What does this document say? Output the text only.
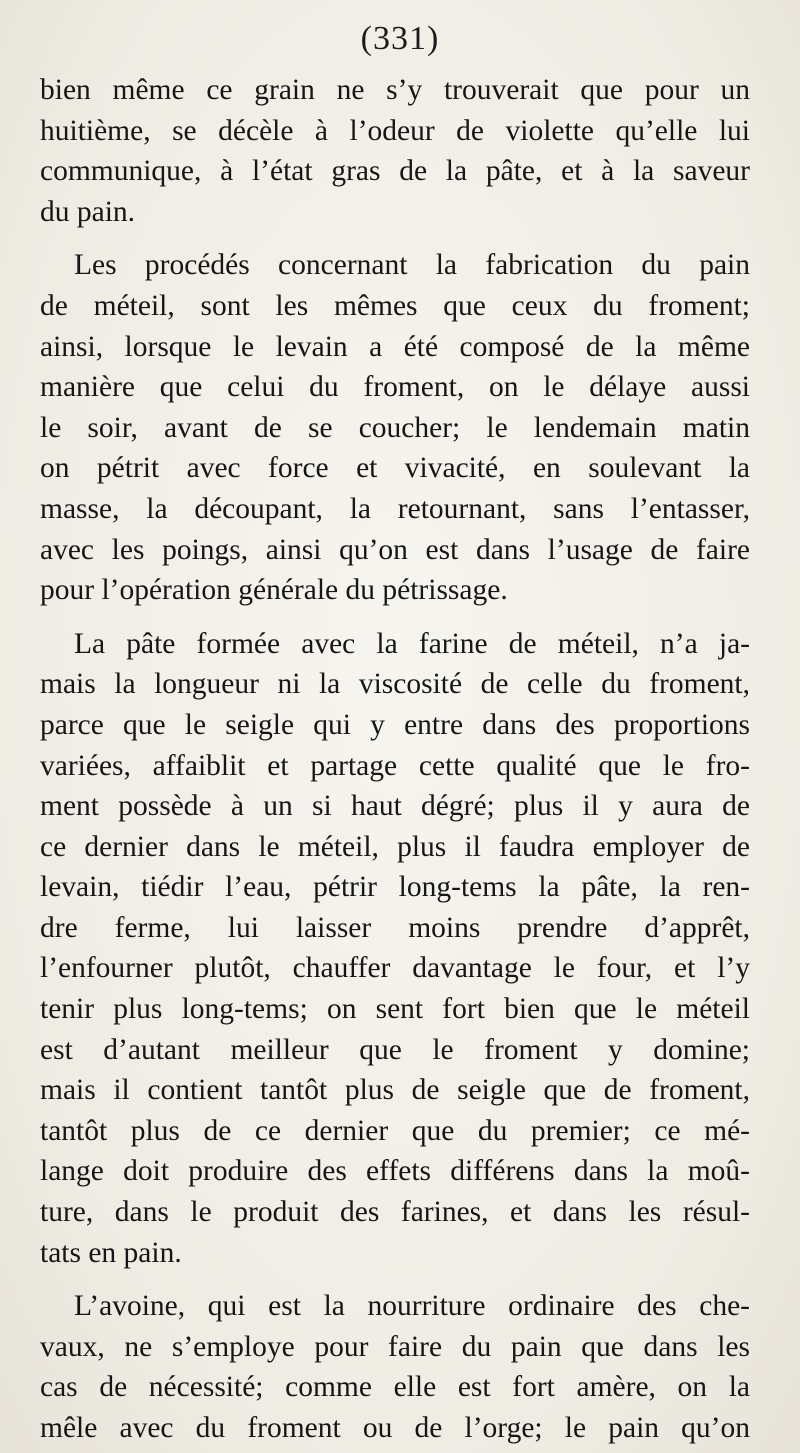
(331)
bien même ce grain ne s’y trouverait que pour un
huitième, se décèle à l’odeur de violette qu’elle lui
communique, à l’état gras de la pâte, et à la saveur
du pain.
Les procédés concernant la fabrication du pain
de méteil, sont les mêmes que ceux du froment;
ainsi, lorsque le levain a été composé de la même
manière que celui du froment, on le délaye aussi
le soir, avant de se coucher; le lendemain matin
on pétrit avec force et vivacité, en soulevant la
masse, la découpant, la retournant, sans l’entasser,
avec les poings, ainsi qu’on est dans l’usage de faire
pour l’opération générale du pétrissage.
La pâte formée avec la farine de méteil, n’a ja-
mais la longueur ni la viscosité de celle du froment,
parce que le seigle qui y entre dans des proportions
variées, affaiblit et partage cette qualité que le fro-
ment possède à un si haut dégré; plus il y aura de
ce dernier dans le méteil, plus il faudra employer de
levain, tiédir l’eau, pétrir long-tems la pâte, la ren-
dre ferme, lui laisser moins prendre d’apprêt,
l’enfourner plutôt, chauffer davantage le four, et l’y
tenir plus long-tems; on sent fort bien que le méteil
est d’autant meilleur que le froment y domine;
mais il contient tantôt plus de seigle que de froment,
tantôt plus de ce dernier que du premier; ce mé-
lange doit produire des effets différens dans la moû-
ture, dans le produit des farines, et dans les résul-
tats en pain.
L’avoine, qui est la nourriture ordinaire des che-
vaux, ne s’employe pour faire du pain que dans les
cas de nécessité; comme elle est fort amère, on la
mêle avec du froment ou de l’orge; le pain qu’on
